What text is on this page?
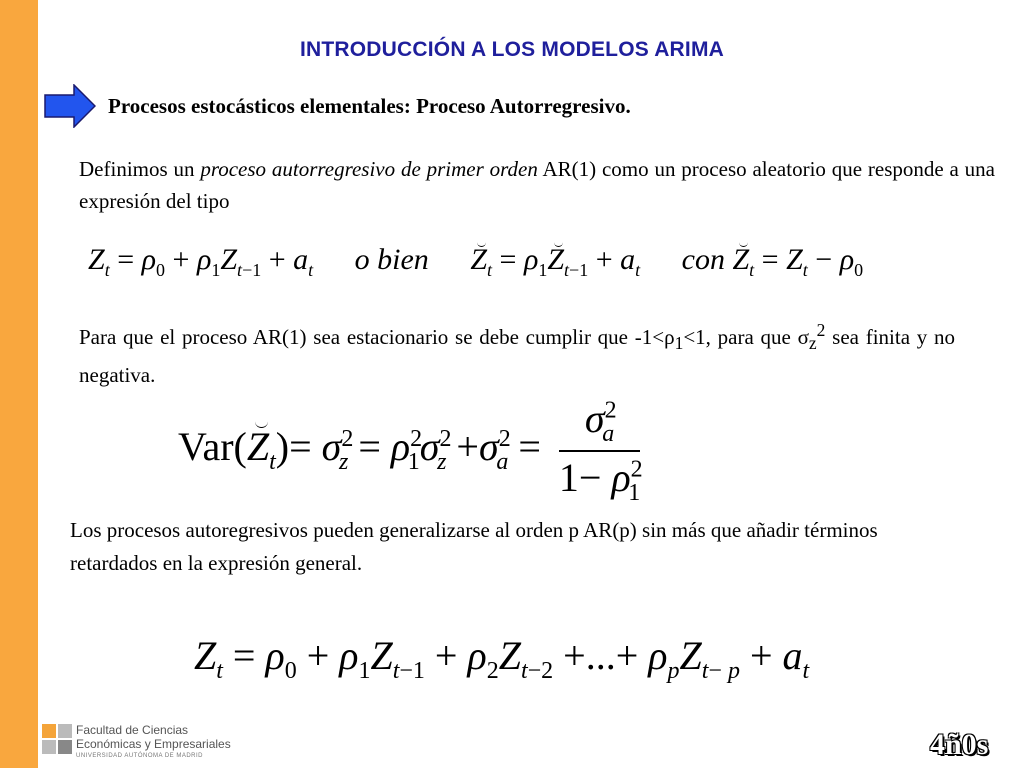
INTRODUCCIÓN A LOS MODELOS ARIMA
Procesos estocásticos elementales: Proceso Autorregresivo.
Definimos un proceso autorregresivo de primer orden AR(1) como un proceso aleatorio que responde a una expresión del tipo
$Z_t = \rho_0 + \rho_1Z_{t-1} + a_t$ o bien $Z_t = \rho_1Z_{t-1} + a_t$ con $Z_t = Z_t - \rho_0$
Para que el proceso AR(1) sea estacionario se debe cumplir que $-1<\rho_1<1$, para que $\sigma_z^2$ sea finita y no negativa.
$Var(Z_t)= \sigma^2_z = \rho^2_1\sigma^2_z +\sigma^2_a = \frac{\sigma^2_a}{1- \rho^2_1}$
Los procesos autoregresivos pueden generalizarse al orden p AR(p) sin más que añadir términos retardados en la expresión general.
$Z_t = \rho_0 + \rho_1Z_{t-1} + \rho_2Z_{t-2}$ +...+ $\rho_pZ_{t- p} + a_t$
Facultad de Ciencias
Económicas y Empresariales
UNIVERSIDAD AUTÓNOMA DE MADRID	4ñ0s
